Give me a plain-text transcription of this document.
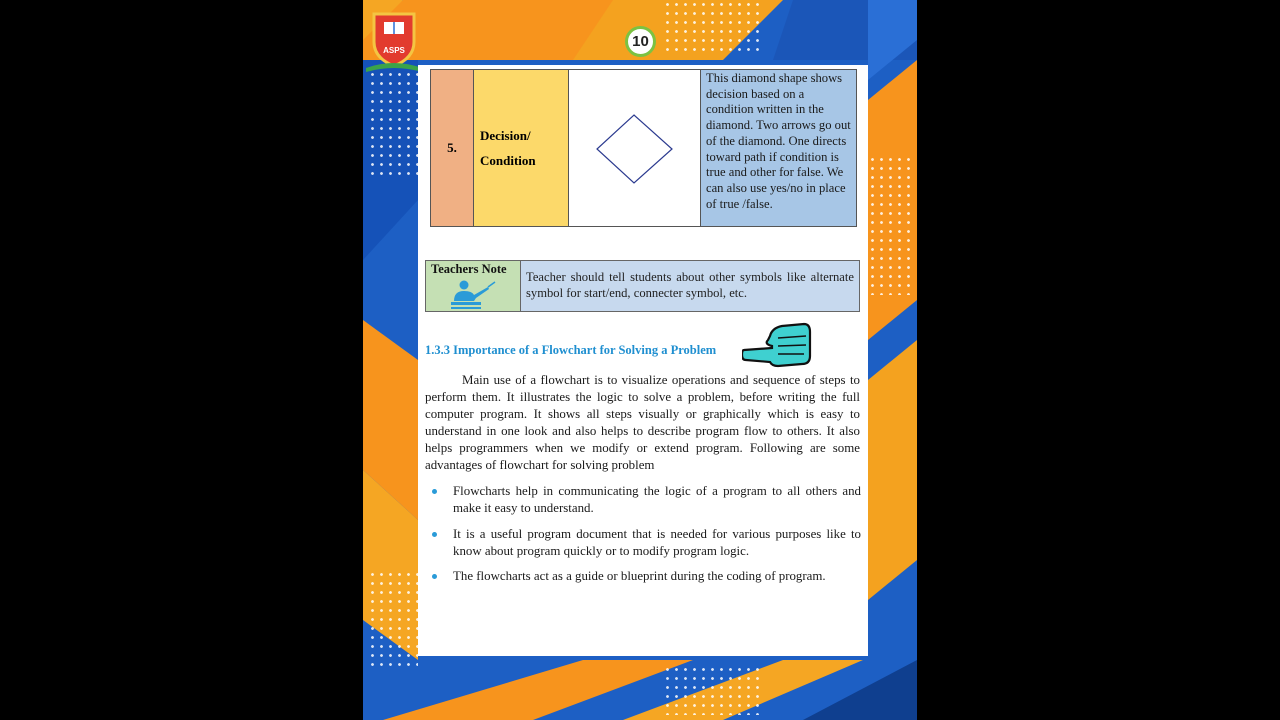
ASPS
10
5.
Decision/
Condition
This diamond shape shows decision based on a condition written in the diamond. Two arrows go out of the diamond. One directs toward path if condition is true and other for false. We can also use yes/no in place of true /false.
Teachers Note
Teacher should tell students about other symbols like alternate symbol for start/end, connecter symbol, etc.
1.3.3 Importance of a Flowchart for Solving a Problem
Main use of a flowchart is to visualize operations and sequence of steps to perform them. It illustrates the logic to solve a problem, before writing the full computer program. It shows all steps visually or graphically which is easy to understand in one look and also helps to describe program flow to others. It also helps programmers when we modify or extend program. Following are some advantages of flowchart for solving problem
Flowcharts help in communicating the logic of a program to all others and make it easy to understand.
It is a useful program document that is needed for various purposes like to know about program quickly or to modify program logic.
The flowcharts act as a guide or blueprint during the coding of program.
